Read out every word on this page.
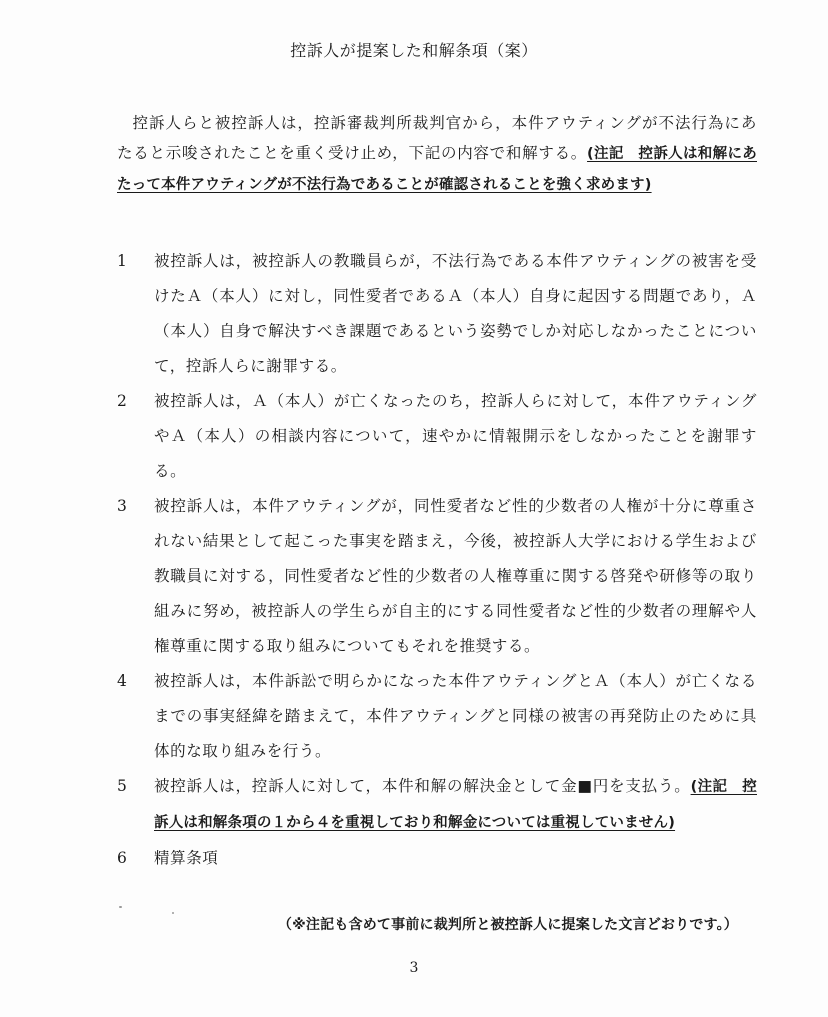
控訴人が提案した和解条項（案）
控訴人らと被控訴人は，控訴審裁判所裁判官から，本件アウティングが不法行為にあたると示唆されたことを重く受け止め，下記の内容で和解する。(注記　控訴人は和解にあたって本件アウティングが不法行為であることが確認されることを強く求めます)
1	被控訴人は，被控訴人の教職員らが，不法行為である本件アウティングの被害を受けたＡ（本人）に対し，同性愛者であるＡ（本人）自身に起因する問題であり，Ａ（本人）自身で解決すべき課題であるという姿勢でしか対応しなかったことについて，控訴人らに謝罪する。
2	被控訴人は，Ａ（本人）が亡くなったのち，控訴人らに対して，本件アウティングやＡ（本人）の相談内容について，速やかに情報開示をしなかったことを謝罪する。
3	被控訴人は，本件アウティングが，同性愛者など性的少数者の人権が十分に尊重されない結果として起こった事実を踏まえ，今後，被控訴人大学における学生および教職員に対する，同性愛者など性的少数者の人権尊重に関する啓発や研修等の取り組みに努め，被控訴人の学生らが自主的にする同性愛者など性的少数者の理解や人権尊重に関する取り組みについてもそれを推奨する。
4	被控訴人は，本件訴訟で明らかになった本件アウティングとＡ（本人）が亡くなるまでの事実経緯を踏まえて，本件アウティングと同様の被害の再発防止のために具体的な取り組みを行う。
5	被控訴人は，控訴人に対して，本件和解の解決金として金■円を支払う。(注記　控訴人は和解条項の１から４を重視しており和解金については重視していません)
6	精算条項
（※注記も含めて事前に裁判所と被控訴人に提案した文言どおりです。）
3
